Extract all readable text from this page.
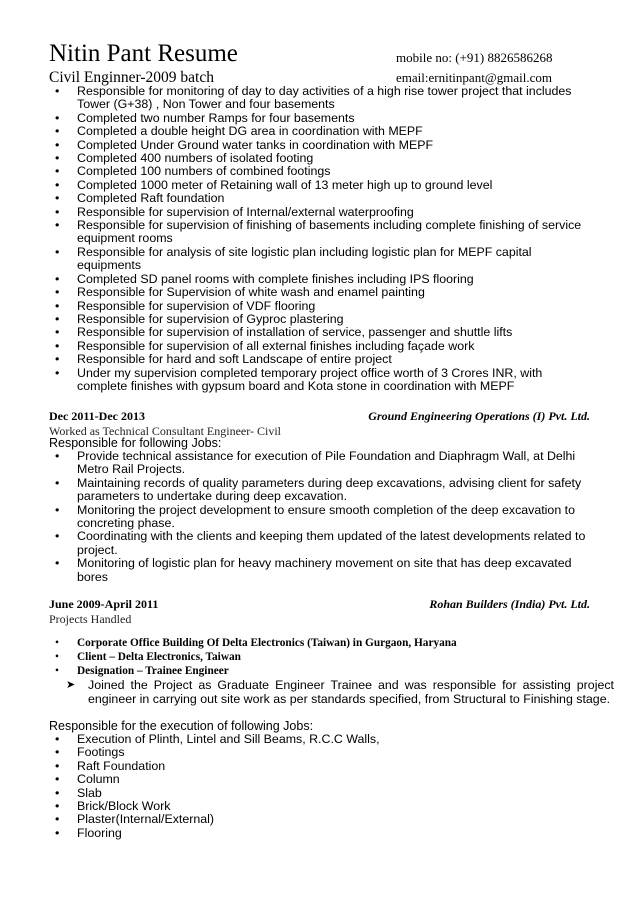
Nitin Pant Resume	mobile no: (+91) 8826586268
Civil Enginner-2009 batch	email:ernitinpant@gmail.com
• Responsible for monitoring of day to day activities of a high rise tower project that includes Tower (G+38) , Non Tower and four basements
• Completed two number Ramps for four basements
• Completed a double height DG area in coordination with MEPF
• Completed Under Ground water tanks in coordination with MEPF
• Completed 400 numbers of isolated footing
• Completed 100 numbers of combined footings
• Completed 1000 meter of Retaining wall of 13 meter high up to ground level
• Completed Raft foundation
• Responsible for supervision of Internal/external waterproofing
• Responsible for supervision of finishing of basements including complete finishing of service equipment rooms
• Responsible for analysis of site logistic plan including logistic plan for MEPF capital equipments
• Completed SD panel rooms with complete finishes including IPS flooring
• Responsible for Supervision of white wash and enamel painting
• Responsible for supervision of VDF flooring
• Responsible for supervision of Gyproc plastering
• Responsible for supervision of installation of service, passenger and shuttle lifts
• Responsible for supervision of all external finishes including façade work
• Responsible for hard and soft Landscape of entire project
• Under my supervision completed temporary project office worth of 3 Crores INR, with complete finishes with gypsum board and Kota stone in coordination with MEPF
Dec 2011-Dec 2013	Ground Engineering Operations (I) Pvt. Ltd.
Worked as Technical Consultant Engineer- Civil
Responsible for following Jobs:
• Provide technical assistance for execution of Pile Foundation and Diaphragm Wall, at Delhi Metro Rail Projects.
• Maintaining records of quality parameters during deep excavations, advising client for safety parameters to undertake during deep excavation.
• Monitoring the project development to ensure smooth completion of the deep excavation to concreting phase.
• Coordinating with the clients and keeping them updated of the latest developments related to project.
• Monitoring of logistic plan for heavy machinery movement on site that has deep excavated bores
June 2009-April 2011	Rohan Builders (India) Pvt. Ltd.
Projects Handled
• Corporate Office Building Of Delta Electronics (Taiwan) in Gurgaon, Haryana
• Client – Delta Electronics, Taiwan
• Designation – Trainee Engineer
➤ Joined the Project as Graduate Engineer Trainee and was responsible for assisting project engineer in carrying out site work as per standards specified, from Structural to Finishing stage.
Responsible for the execution of following Jobs:
• Execution of Plinth, Lintel and Sill Beams, R.C.C Walls,
• Footings
• Raft Foundation
• Column
• Slab
• Brick/Block Work
• Plaster(Internal/External)
• Flooring
